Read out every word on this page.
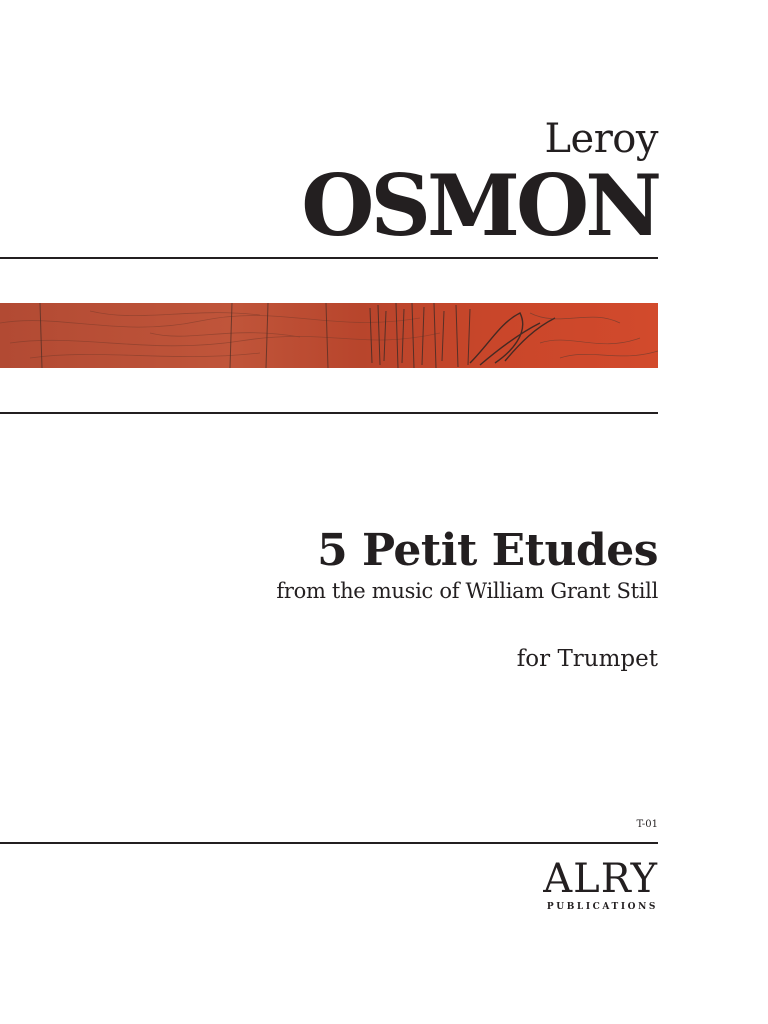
Leroy
OSMON
5 Petit Etudes
from the music of William Grant Still
for Trumpet
T-01
ALRY
PUBLICATIONS
